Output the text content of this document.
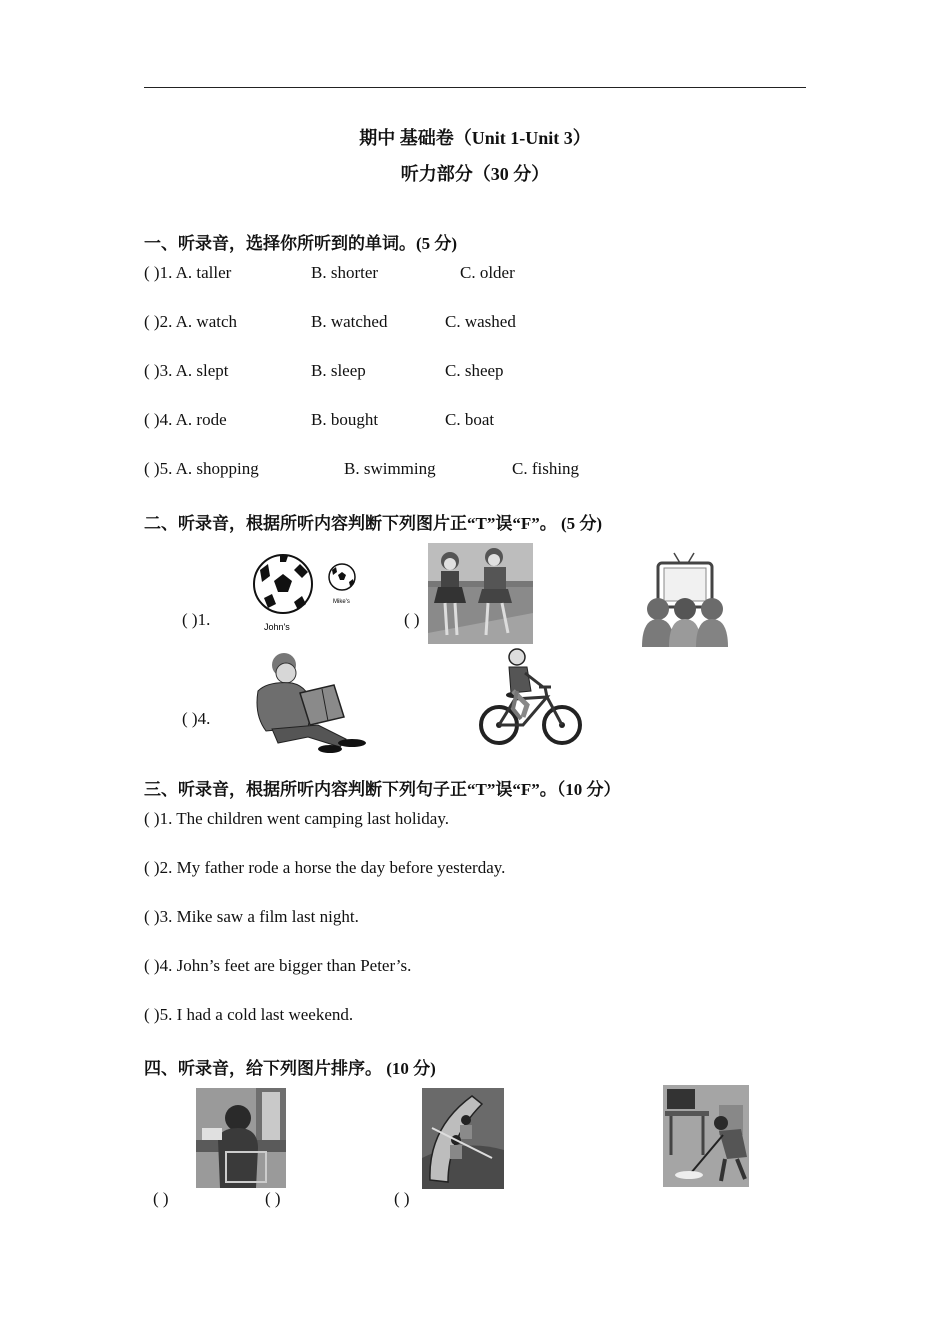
期中 基础卷（Unit 1-Unit 3）
听力部分（30 分）
一、听录音，选择你所听到的单词。(5 分)
( )1. A. taller	B. shorter	C. older
( )2. A. watch	B. watched	C. washed
( )3. A. slept	B. sleep	C. sheep
( )4. A. rode	B. bought	C. boat
( )5. A. shopping	B. swimming	C. fishing
二、听录音，根据所听内容判断下列图片正“T”误“F”。 (5 分)
( )1.	John's
Mike's
( )
( )4.
三、听录音，根据所听内容判断下列句子正“T”误“F”。（10 分）
( )1. The children went camping last holiday.
( )2. My father rode a horse the day before yesterday.
( )3. Mike saw a film last night.
( )4. John’s feet are bigger than Peter’s.
( )5. I had a cold last weekend.
四、听录音，给下列图片排序。 (10 分)
( )	( )	( )
